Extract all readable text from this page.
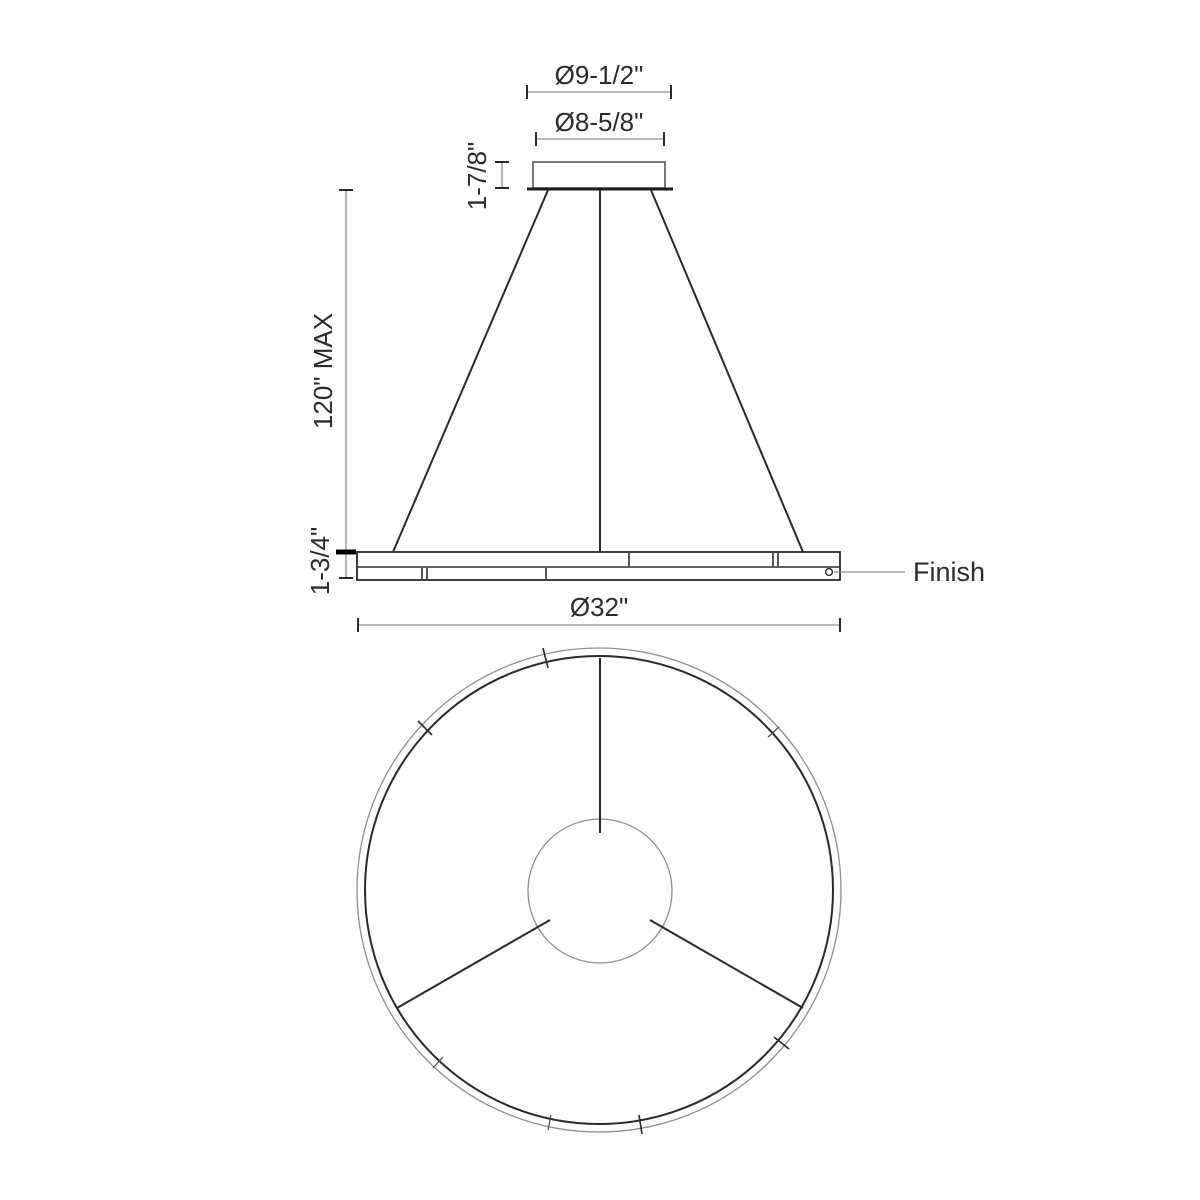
Ø9-1/2"
Ø8-5/8"
1-7/8"
120" MAX
1-3/4"	Finish
Ø32"
